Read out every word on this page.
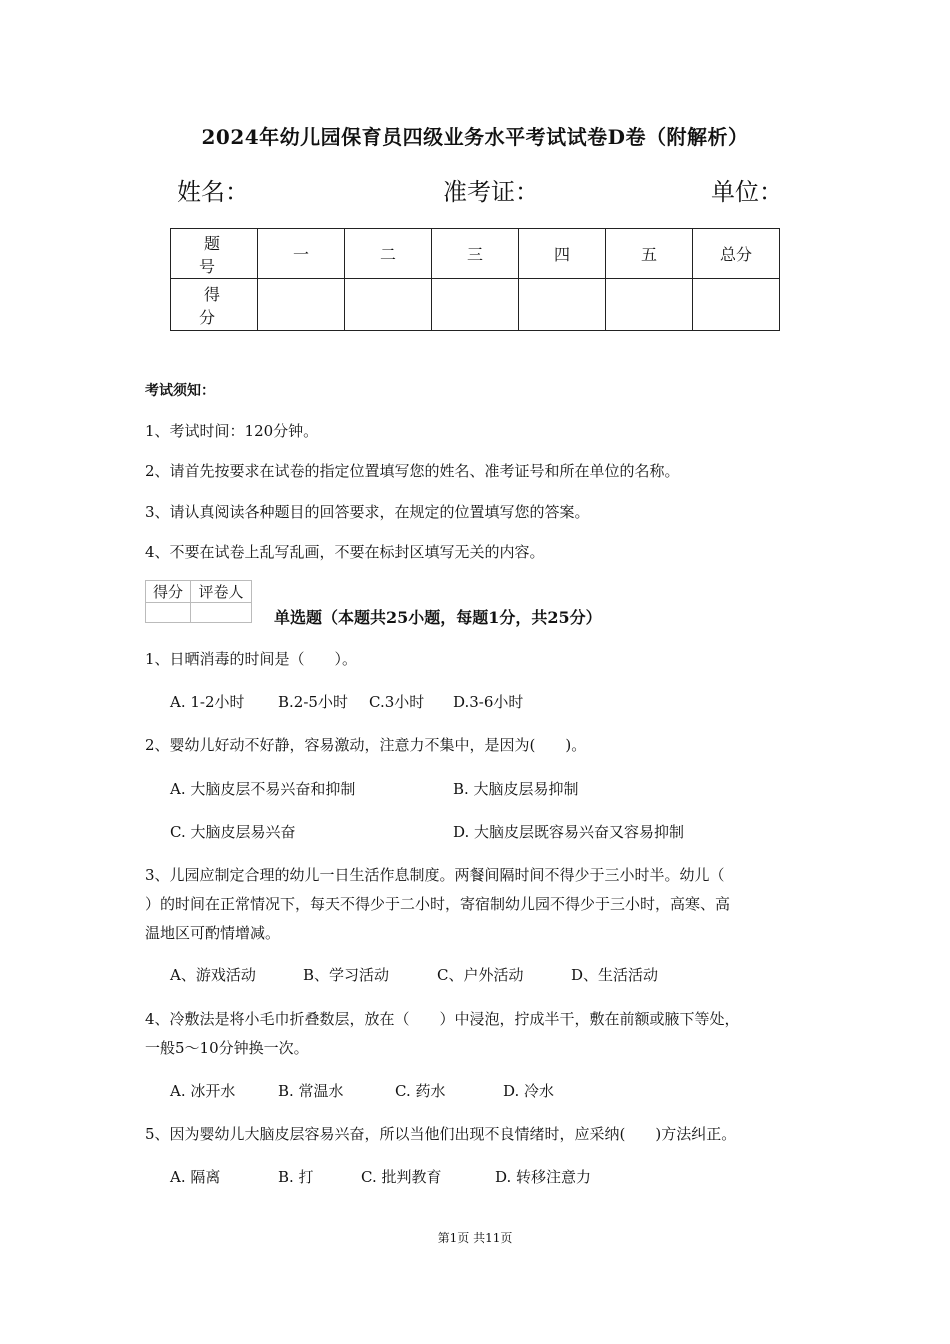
2024年幼儿园保育员四级业务水平考试试卷D卷（附解析）
姓名：	准考证：	单位：
题　号	一	二	三	四	五	总分
得　分						
考试须知：
1、考试时间：120分钟。
2、请首先按要求在试卷的指定位置填写您的姓名、准考证号和所在单位的名称。
3、请认真阅读各种题目的回答要求，在规定的位置填写您的答案。
4、不要在试卷上乱写乱画，不要在标封区填写无关的内容。
得分	评卷人

单选题（本题共25小题，每题1分，共25分）
1、日晒消毒的时间是（　　）。
A. 1-2小时 B.2-5小时 C.3小时 D.3-6小时
2、婴幼儿好动不好静，容易激动，注意力不集中，是因为(　　)。
A. 大脑皮层不易兴奋和抑制	B. 大脑皮层易抑制
C. 大脑皮层易兴奋	D. 大脑皮层既容易兴奋又容易抑制
3、儿园应制定合理的幼儿一日生活作息制度。两餐间隔时间不得少于三小时半。幼儿（
）的时间在正常情况下，每天不得少于二小时，寄宿制幼儿园不得少于三小时，高寒、高
温地区可酌情增减。
A、游戏活动	B、学习活动	C、户外活动	D、生活活动
4、冷敷法是将小毛巾折叠数层，放在（　　）中浸泡，拧成半干，敷在前额或腋下等处，
一般5～10分钟换一次。
A. 冰开水	B. 常温水	C. 药水	D. 冷水
5、因为婴幼儿大脑皮层容易兴奋，所以当他们出现不良情绪时，应采纳(　　)方法纠正。
A. 隔离	B. 打	C. 批判教育	D. 转移注意力
第1页 共11页
